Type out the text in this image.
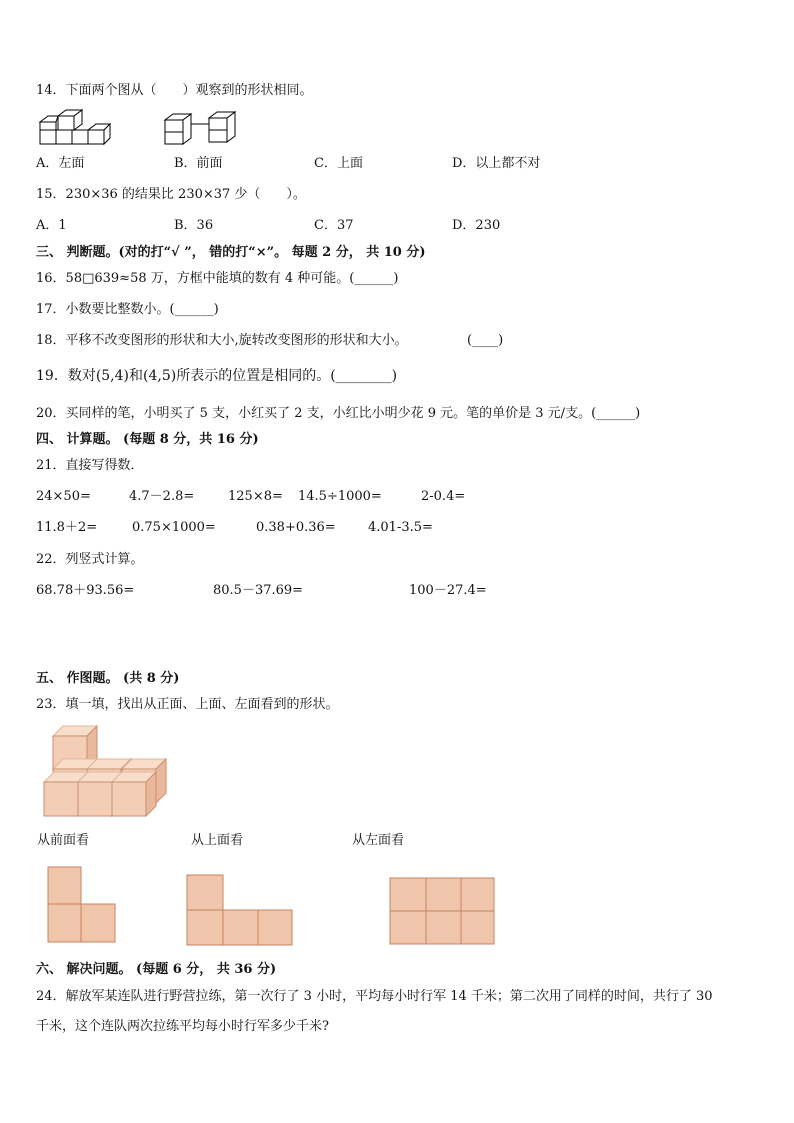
14．下面两个图从（　　）观察到的形状相同。
A．左面	B．前面	C．上面	D．以上都不对
15．230×36 的结果比 230×37 少（　　）。
A．1	B．36	C．37	D．230
三、 判断题。(对的打“√ ”， 错的打“×”。 每题 2 分， 共 10 分)
16．58□639≈58 万，方框中能填的数有 4 种可能。(______)
17．小数要比整数小。(______)
18．平移不改变图形的形状和大小,旋转改变图形的形状和大小。	(____)
19．数对(5,4)和(4,5)所表示的位置是相同的。(________)
20．买同样的笔，小明买了 5 支，小红买了 2 支，小红比小明少花 9 元。笔的单价是 3 元/支。(______)
四、 计算题。 (每题 8 分，共 16 分)
21．直接写得数．
24×50=	4.7－2.8=	125×8= 14.5÷1000=	2-0.4=
11.8＋2=	0.75×1000=	0.38+0.36= 4.01-3.5=
22．列竖式计算。
68.78＋93.56=	80.5－37.69=	100－27.4=
五、 作图题。 (共 8 分)
23．填一填，找出从正面、上面、左面看到的形状。
从前面看	从上面看	从左面看
六、 解决问题。 (每题 6 分， 共 36 分)
24．解放军某连队进行野营拉练，第一次行了 3 小时，平均每小时行军 14 千米；第二次用了同样的时间，共行了 30
千米，这个连队两次拉练平均每小时行军多少千米?
